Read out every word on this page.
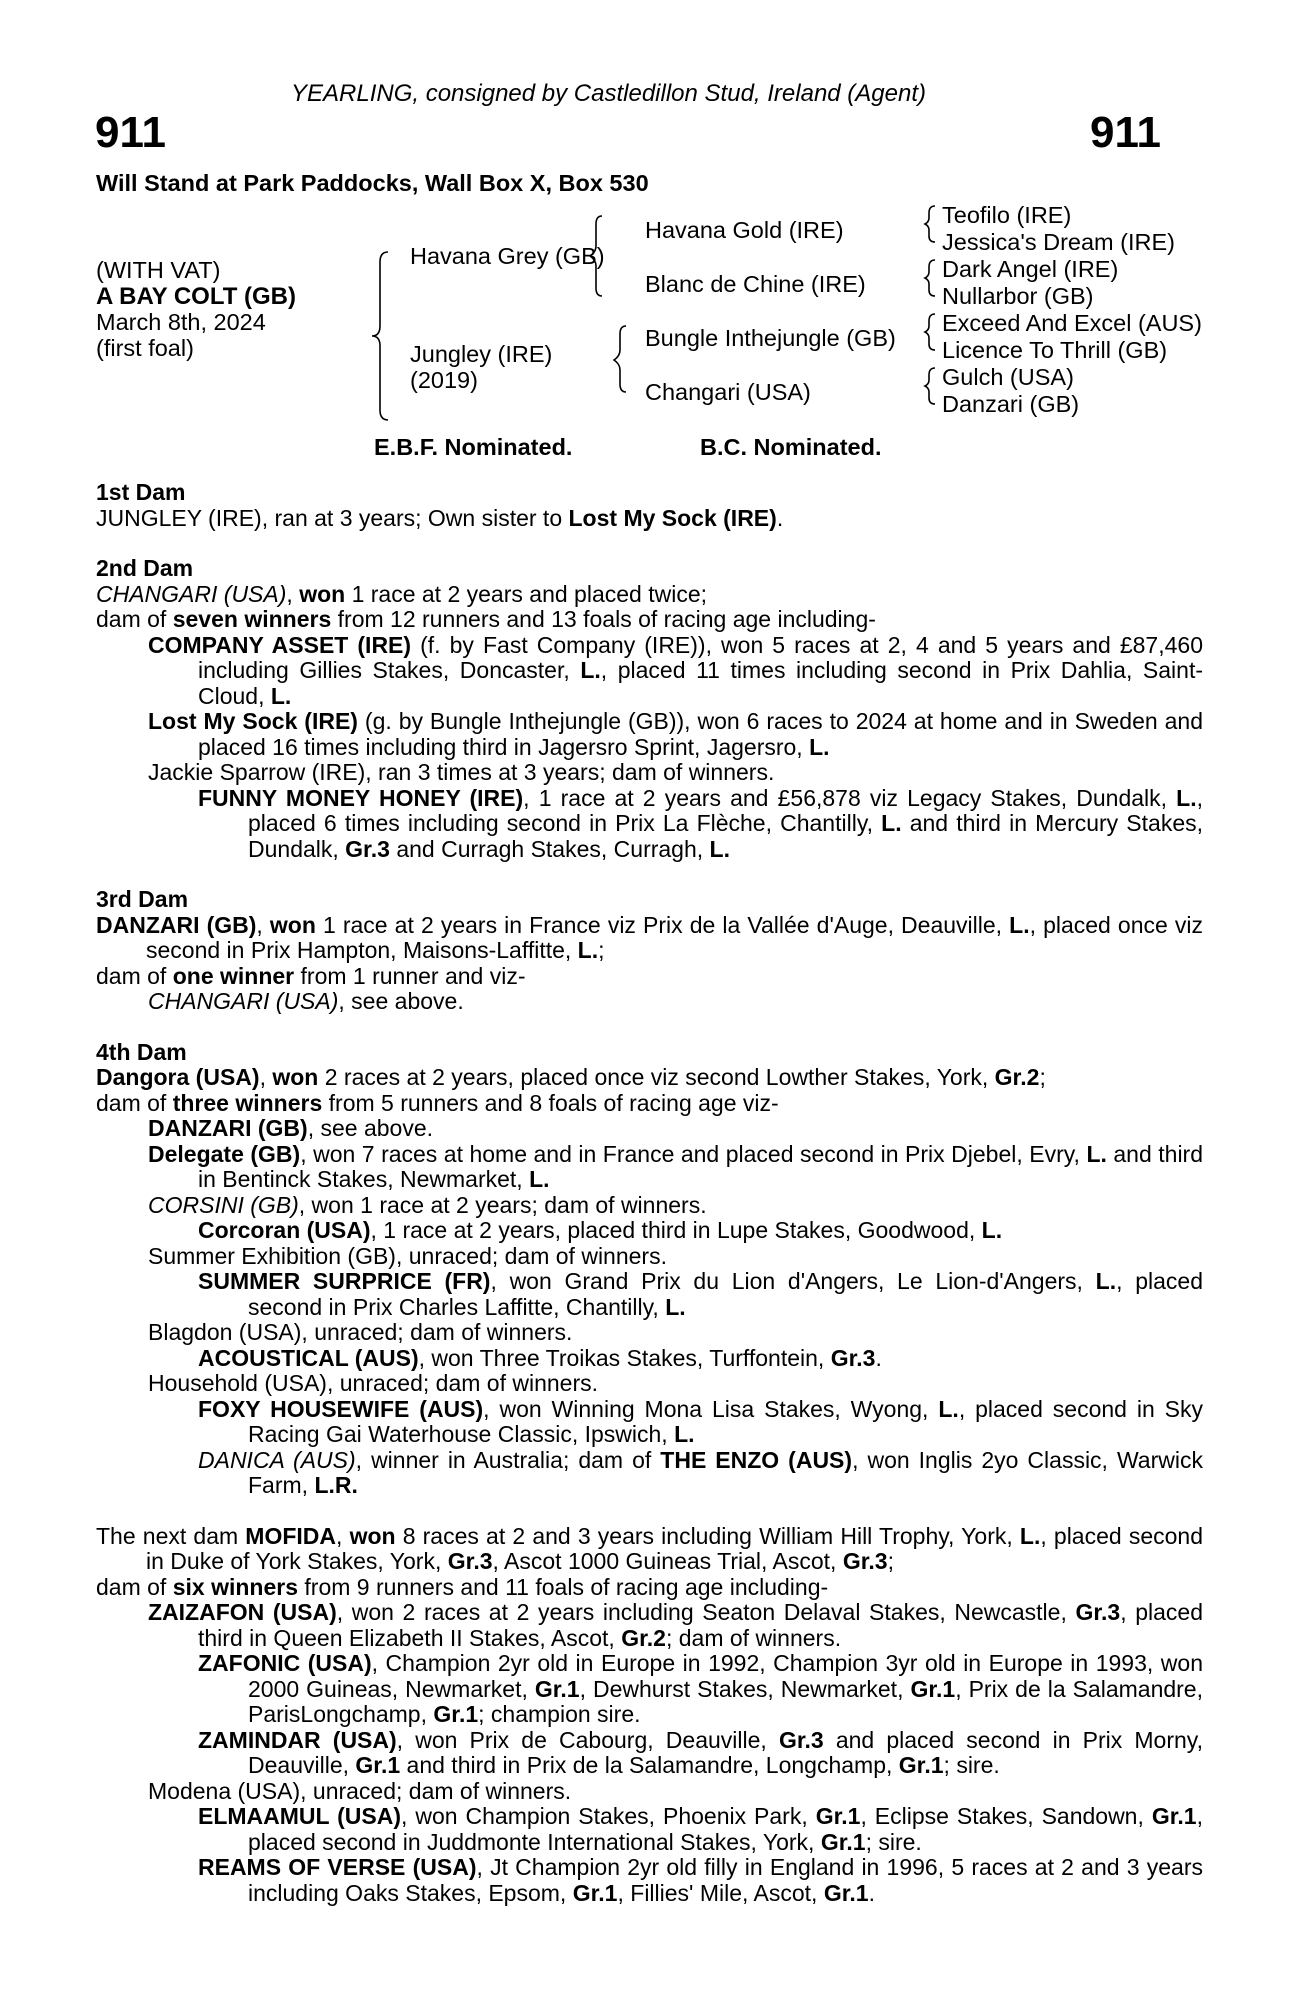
911	911
YEARLING, consigned by Castledillon Stud, Ireland (Agent)
Will Stand at Park Paddocks, Wall Box X, Box 530
(WITH VAT)
A BAY COLT (GB)
March 8th, 2024
(first foal)
Havana Grey (GB)
Jungley (IRE)
(2019)
Havana Gold (IRE)
Blanc de Chine (IRE)
Bungle Inthejungle (GB)
Changari (USA)
Teofilo (IRE)
Jessica's Dream (IRE)
Dark Angel (IRE)
Nullarbor (GB)
Exceed And Excel (AUS)
Licence To Thrill (GB)
Gulch (USA)
Danzari (GB)
E.B.F. Nominated.	B.C. Nominated.

1st Dam

JUNGLEY (IRE), ran at 3 years; Own sister to Lost My Sock (IRE).

2nd Dam

CHANGARI (USA), won 1 race at 2 years and placed twice;

dam of seven winners from 12 runners and 13 foals of racing age including-

COMPANY ASSET (IRE) (f. by Fast Company (IRE)), won 5 races at 2, 4 and 5 years and £87,460 including Gillies Stakes, Doncaster, L., placed 11 times including second in Prix Dahlia, Saint-Cloud, L.

Lost My Sock (IRE) (g. by Bungle Inthejungle (GB)), won 6 races to 2024 at home and in Sweden and placed 16 times including third in Jagersro Sprint, Jagersro, L.

Jackie Sparrow (IRE), ran 3 times at 3 years; dam of winners.

FUNNY MONEY HONEY (IRE), 1 race at 2 years and £56,878 viz Legacy Stakes, Dundalk, L., placed 6 times including second in Prix La Flèche, Chantilly, L. and third in Mercury Stakes, Dundalk, Gr.3 and Curragh Stakes, Curragh, L.

3rd Dam

DANZARI (GB), won 1 race at 2 years in France viz Prix de la Vallée d'Auge, Deauville, L., placed once viz second in Prix Hampton, Maisons-Laffitte, L.;

dam of one winner from 1 runner and viz-

CHANGARI (USA), see above.

4th Dam

Dangora (USA), won 2 races at 2 years, placed once viz second Lowther Stakes, York, Gr.2;

dam of three winners from 5 runners and 8 foals of racing age viz-

DANZARI (GB), see above.

Delegate (GB), won 7 races at home and in France and placed second in Prix Djebel, Evry, L. and third in Bentinck Stakes, Newmarket, L.

CORSINI (GB), won 1 race at 2 years; dam of winners.

Corcoran (USA), 1 race at 2 years, placed third in Lupe Stakes, Goodwood, L.

Summer Exhibition (GB), unraced; dam of winners.

SUMMER SURPRICE (FR), won Grand Prix du Lion d'Angers, Le Lion-d'Angers, L., placed second in Prix Charles Laffitte, Chantilly, L.

Blagdon (USA), unraced; dam of winners.

ACOUSTICAL (AUS), won Three Troikas Stakes, Turffontein, Gr.3.

Household (USA), unraced; dam of winners.

FOXY HOUSEWIFE (AUS), won Winning Mona Lisa Stakes, Wyong, L., placed second in Sky Racing Gai Waterhouse Classic, Ipswich, L.

DANICA (AUS), winner in Australia; dam of THE ENZO (AUS), won Inglis 2yo Classic, Warwick Farm, L.R.

The next dam MOFIDA, won 8 races at 2 and 3 years including William Hill Trophy, York, L., placed second in Duke of York Stakes, York, Gr.3, Ascot 1000 Guineas Trial, Ascot, Gr.3;

dam of six winners from 9 runners and 11 foals of racing age including-

ZAIZAFON (USA), won 2 races at 2 years including Seaton Delaval Stakes, Newcastle, Gr.3, placed third in Queen Elizabeth II Stakes, Ascot, Gr.2; dam of winners.

ZAFONIC (USA), Champion 2yr old in Europe in 1992, Champion 3yr old in Europe in 1993, won 2000 Guineas, Newmarket, Gr.1, Dewhurst Stakes, Newmarket, Gr.1, Prix de la Salamandre, ParisLongchamp, Gr.1; champion sire.

ZAMINDAR (USA), won Prix de Cabourg, Deauville, Gr.3 and placed second in Prix Morny, Deauville, Gr.1 and third in Prix de la Salamandre, Longchamp, Gr.1; sire.

Modena (USA), unraced; dam of winners.

ELMAAMUL (USA), won Champion Stakes, Phoenix Park, Gr.1, Eclipse Stakes, Sandown, Gr.1, placed second in Juddmonte International Stakes, York, Gr.1; sire.

REAMS OF VERSE (USA), Jt Champion 2yr old filly in England in 1996, 5 races at 2 and 3 years including Oaks Stakes, Epsom, Gr.1, Fillies' Mile, Ascot, Gr.1.
